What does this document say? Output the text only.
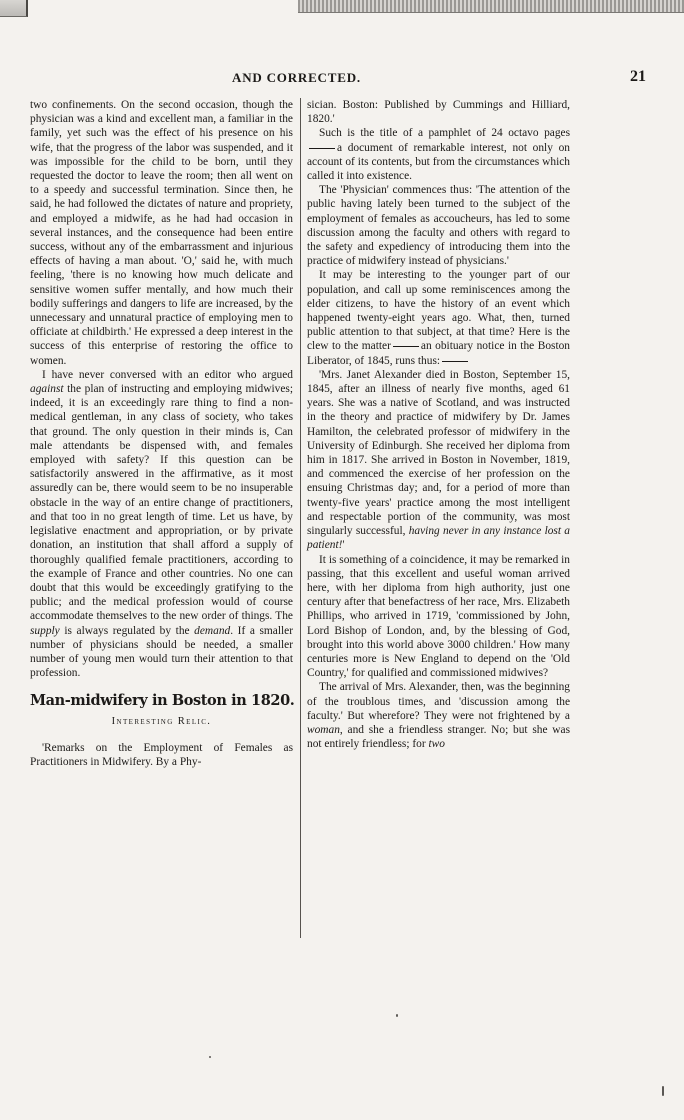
AND CORRECTED.	21

two confinements. On the second occasion, though the physician was a kind and excellent man, a familiar in the family, yet such was the effect of his presence on his wife, that the progress of the labor was suspended, and it was impossible for the child to be born, until they requested the doctor to leave the room; then all went on to a speedy and successful termination. Since then, he said, he had followed the dictates of nature and propriety, and employed a midwife, as he had had occasion in several instances, and the consequence had been entire success, without any of the embarrassment and injurious effects of having a man about. 'O,' said he, with much feeling, 'there is no knowing how much delicate and sensitive women suffer mentally, and how much their bodily sufferings and dangers to life are increased, by the unnecessary and unnatural practice of employing men to officiate at childbirth.' He expressed a deep interest in the success of this enterprise of restoring the office to women.

I have never conversed with an editor who argued against the plan of instructing and employing midwives; indeed, it is an exceedingly rare thing to find a non-medical gentleman, in any class of society, who takes that ground. The only question in their minds is, Can male attendants be dispensed with, and females employed with safety? If this question can be satisfactorily answered in the affirmative, as it most assuredly can be, there would seem to be no insuperable obstacle in the way of an entire change of practitioners, and that too in no great length of time. Let us have, by legislative enactment and appropriation, or by private donation, an institution that shall afford a supply of thoroughly qualified female practitioners, according to the example of France and other countries. No one can doubt that this would be exceedingly gratifying to the public; and the medical profession would of course accommodate themselves to the new order of things. The supply is always regulated by the demand. If a smaller number of physicians should be needed, a smaller number of young men would turn their attention to that profession.

Man-midwifery in Boston in 1820.
Interesting Relic.

'Remarks on the Employment of Females as Practitioners in Midwifery. By a Phy-

sician. Boston: Published by Cummings and Hilliard, 1820.'

Such is the title of a pamphlet of 24 octavo pagesa document of remarkable interest, not only on account of its contents, but from the circumstances which called it into existence.

The 'Physician' commences thus: 'The attention of the public having lately been turned to the subject of the employment of females as accoucheurs, has led to some discussion among the faculty and others with regard to the safety and expediency of introducing them into the practice of midwifery instead of physicians.'

It may be interesting to the younger part of our population, and call up some reminiscences among the elder citizens, to have the history of an event which happened twenty-eight years ago. What, then, turned public attention to that subject, at that time? Here is the clew to the matter	an obituary notice in the Boston Liberator, of 1845, runs thus:

'Mrs. Janet Alexander died in Boston, September 15, 1845, after an illness of nearly five months, aged 61 years. She was a native of Scotland, and was instructed in the theory and practice of midwifery by Dr. James Hamilton, the celebrated professor of midwifery in the University of Edinburgh. She received her diploma from him in 1817. She arrived in Boston in November, 1819, and commenced the exercise of her profession on the ensuing Christmas day; and, for a period of more than twenty-five years' practice among the most intelligent and respectable portion of the community, was most singularly successful, having never in any instance lost a patient!'

It is something of a coincidence, it may be remarked in passing, that this excellent and useful woman arrived here, with her diploma from high authority, just one century after that benefactress of her race, Mrs. Elizabeth Phillips, who arrived in 1719, 'commissioned by John, Lord Bishop of London, and, by the blessing of God, brought into this world above 3000 children.' How many centuries more is New England to depend on the 'Old Country,' for qualified and commissioned midwives?

The arrival of Mrs. Alexander, then, was the beginning of the troublous times, and 'discussion among the faculty.' But wherefore? They were not frightened by a woman, and she a friendless stranger. No; but she was not entirely friendless; for two
